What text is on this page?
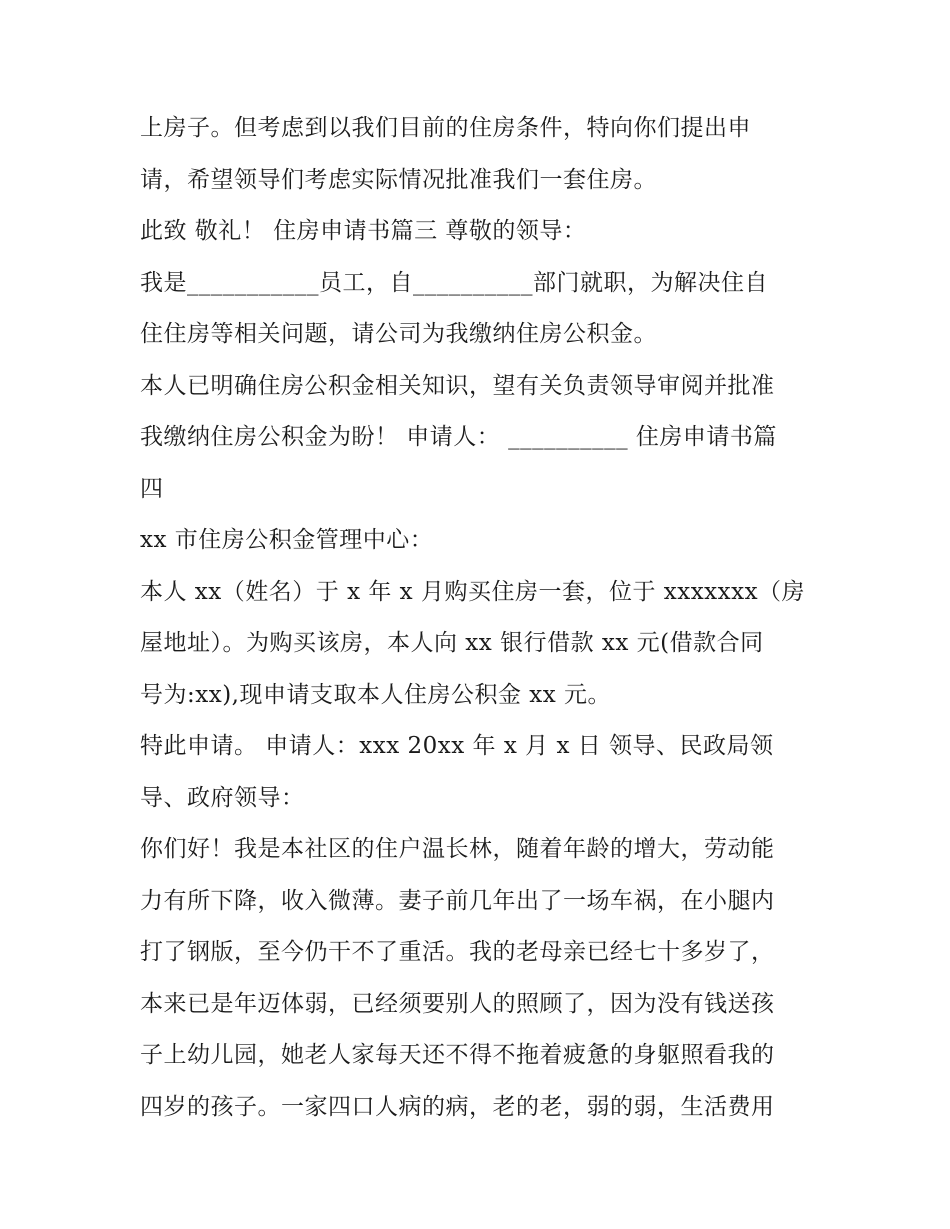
上房子。但考虑到以我们目前的住房条件，特向你们提出申
请，希望领导们考虑实际情况批准我们一套住房。
此致 敬礼！ 住房申请书篇三 尊敬的领导：
我是___________员工，自__________部门就职，为解决住自
住住房等相关问题，请公司为我缴纳住房公积金。
本人已明确住房公积金相关知识，望有关负责领导审阅并批准
我缴纳住房公积金为盼！ 申请人： __________ 住房申请书篇
四
xx 市住房公积金管理中心：
本人 xx（姓名）于 x 年 x 月购买住房一套，位于 xxxxxxx（房
屋地址）。为购买该房，本人向 xx 银行借款 xx 元(借款合同
号为:xx),现申请支取本人住房公积金 xx 元。
特此申请。 申请人：xxx 20xx 年 x 月 x 日 领导、民政局领
导、政府领导：
你们好！我是本社区的住户温长林，随着年龄的增大，劳动能
力有所下降，收入微薄。妻子前几年出了一场车祸，在小腿内
打了钢版，至今仍干不了重活。我的老母亲已经七十多岁了，
本来已是年迈体弱，已经须要别人的照顾了，因为没有钱送孩
子上幼儿园，她老人家每天还不得不拖着疲惫的身躯照看我的
四岁的孩子。一家四口人病的病，老的老，弱的弱，生活费用
